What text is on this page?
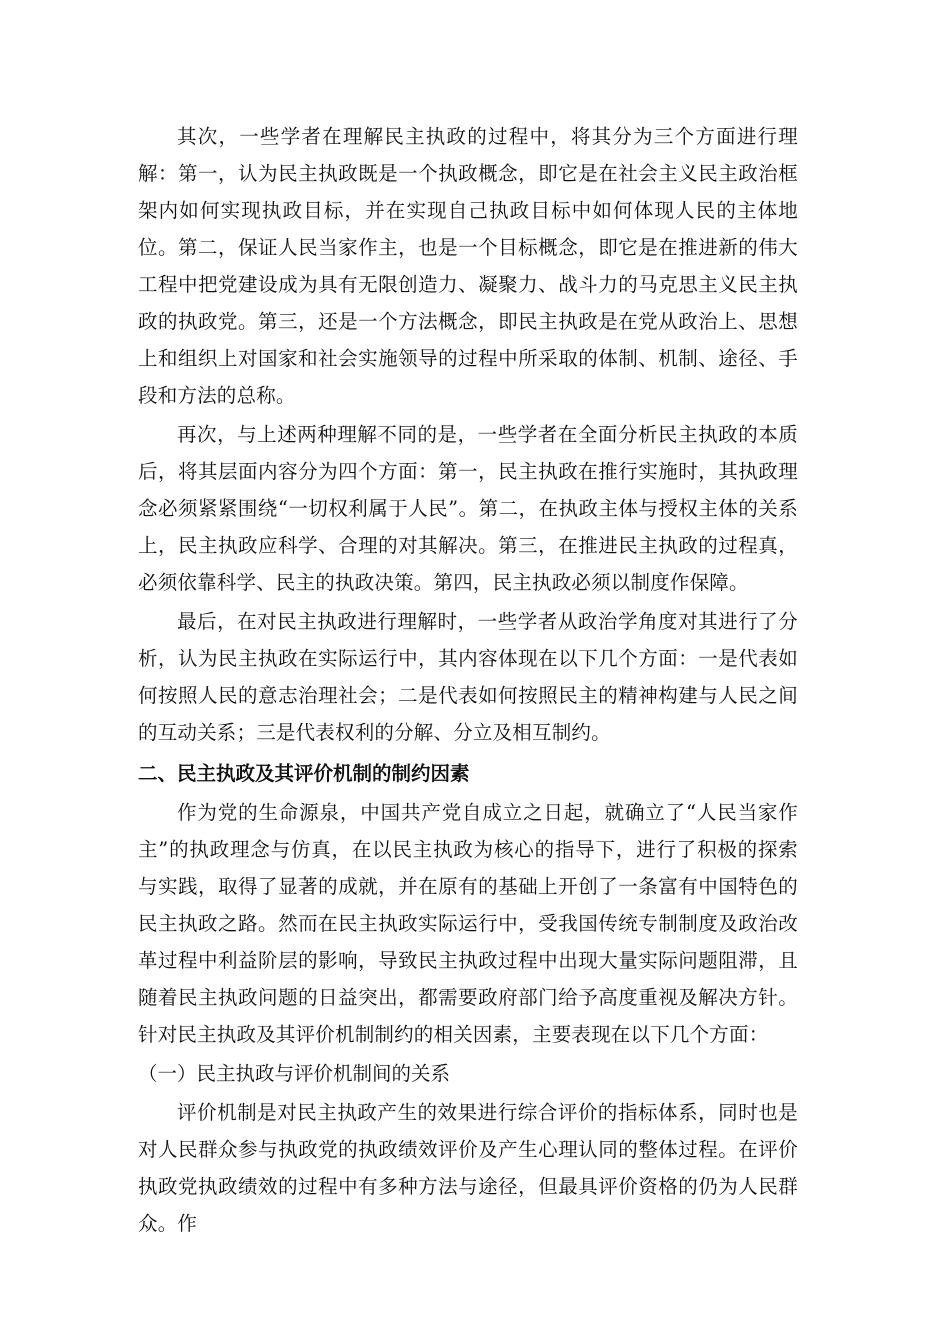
其次，一些学者在理解民主执政的过程中，将其分为三个方面进行理解：第一，认为民主执政既是一个执政概念，即它是在社会主义民主政治框架内如何实现执政目标，并在实现自己执政目标中如何体现人民的主体地位。第二，保证人民当家作主，也是一个目标概念，即它是在推进新的伟大工程中把党建设成为具有无限创造力、凝聚力、战斗力的马克思主义民主执政的执政党。第三，还是一个方法概念，即民主执政是在党从政治上、思想上和组织上对国家和社会实施领导的过程中所采取的体制、机制、途径、手段和方法的总称。

再次，与上述两种理解不同的是，一些学者在全面分析民主执政的本质后，将其层面内容分为四个方面：第一，民主执政在推行实施时，其执政理念必须紧紧围绕“一切权利属于人民”。第二，在执政主体与授权主体的关系上，民主执政应科学、合理的对其解决。第三，在推进民主执政的过程真，必须依靠科学、民主的执政决策。第四，民主执政必须以制度作保障。

最后，在对民主执政进行理解时，一些学者从政治学角度对其进行了分析，认为民主执政在实际运行中，其内容体现在以下几个方面：一是代表如何按照人民的意志治理社会；二是代表如何按照民主的精神构建与人民之间的互动关系；三是代表权利的分解、分立及相互制约。

二、民主执政及其评价机制的制约因素

作为党的生命源泉，中国共产党自成立之日起，就确立了“人民当家作主”的执政理念与仿真，在以民主执政为核心的指导下，进行了积极的探索与实践，取得了显著的成就，并在原有的基础上开创了一条富有中国特色的民主执政之路。然而在民主执政实际运行中，受我国传统专制制度及政治改革过程中利益阶层的影响，导致民主执政过程中出现大量实际问题阻滞，且随着民主执政问题的日益突出，都需要政府部门给予高度重视及解决方针。针对民主执政及其评价机制制约的相关因素，主要表现在以下几个方面：

（一）民主执政与评价机制间的关系

评价机制是对民主执政产生的效果进行综合评价的指标体系，同时也是对人民群众参与执政党的执政绩效评价及产生心理认同的整体过程。在评价执政党执政绩效的过程中有多种方法与途径，但最具评价资格的仍为人民群众。作
